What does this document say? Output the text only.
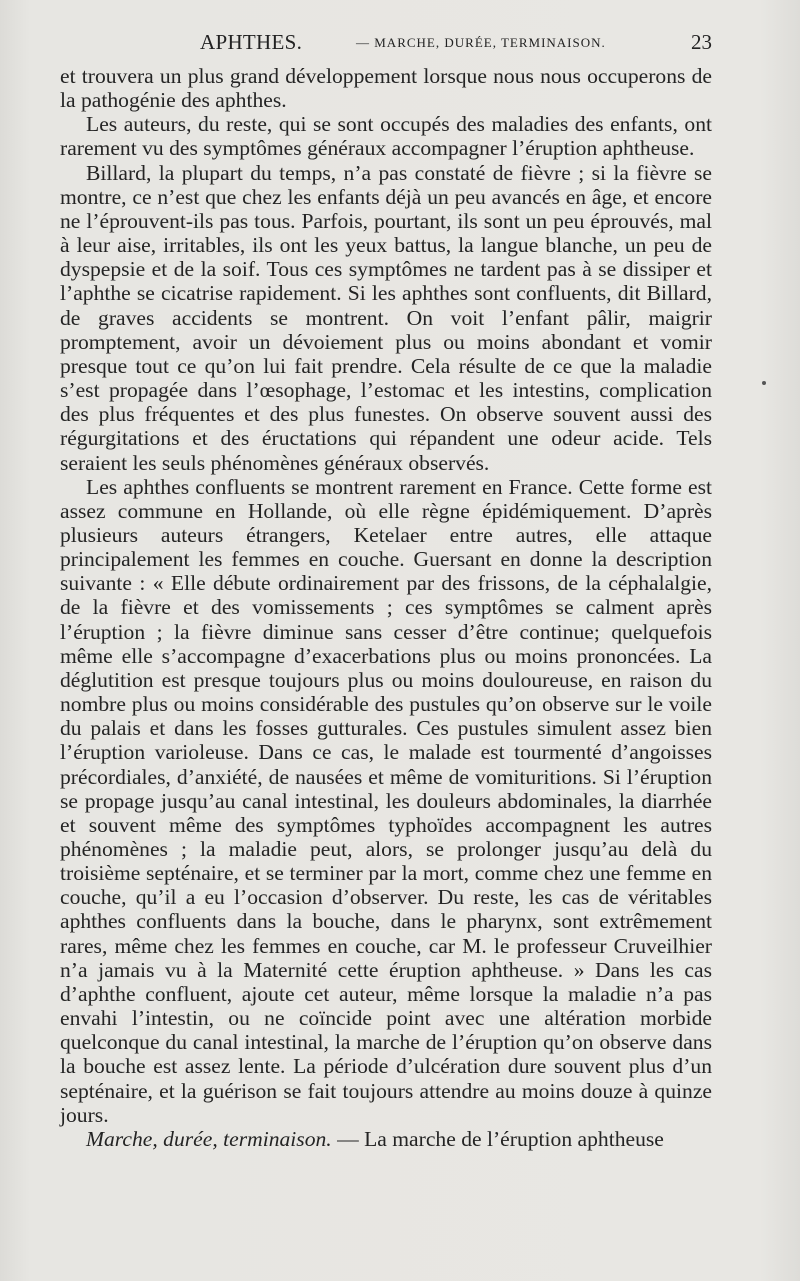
APHTHES.	— MARCHE, DURÉE, TERMINAISON.	23

et trouvera un plus grand développement lorsque nous nous occuperons de la pathogénie des aphthes.

Les auteurs, du reste, qui se sont occupés des maladies des enfants, ont rarement vu des symptômes généraux accompagner l’éruption aphtheuse.

Billard, la plupart du temps, n’a pas constaté de fièvre ; si la fièvre se montre, ce n’est que chez les enfants déjà un peu avancés en âge, et encore ne l’éprouvent-ils pas tous. Parfois, pourtant, ils sont un peu éprouvés, mal à leur aise, irritables, ils ont les yeux battus, la langue blanche, un peu de dyspepsie et de la soif. Tous ces symptômes ne tardent pas à se dissiper et l’aphthe se cicatrise rapidement. Si les aphthes sont confluents, dit Billard, de graves accidents se montrent. On voit l’enfant pâlir, maigrir promptement, avoir un dévoiement plus ou moins abondant et vomir presque tout ce qu’on lui fait prendre. Cela résulte de ce que la maladie s’est propagée dans l’œsophage, l’estomac et les intestins, complication des plus fréquentes et des plus funestes. On observe souvent aussi des régurgitations et des éructations qui répandent une odeur acide. Tels seraient les seuls phénomènes généraux observés.

Les aphthes confluents se montrent rarement en France. Cette forme est assez commune en Hollande, où elle règne épidémiquement. D’après plusieurs auteurs étrangers, Ketelaer entre autres, elle attaque principalement les femmes en couche. Guersant en donne la description suivante : « Elle débute ordinairement par des frissons, de la céphalalgie, de la fièvre et des vomissements ; ces symptômes se calment après l’éruption ; la fièvre diminue sans cesser d’être continue; quelquefois même elle s’accompagne d’exacerbations plus ou moins prononcées. La déglutition est presque toujours plus ou moins douloureuse, en raison du nombre plus ou moins considérable des pustules qu’on observe sur le voile du palais et dans les fosses gutturales. Ces pustules simulent assez bien l’éruption varioleuse. Dans ce cas, le malade est tourmenté d’angoisses précordiales, d’anxiété, de nausées et même de vomituritions. Si l’éruption se propage jusqu’au canal intestinal, les douleurs abdominales, la diarrhée et souvent même des symptômes typhoïdes accompagnent les autres phénomènes ; la maladie peut, alors, se prolonger jusqu’au delà du troisième septénaire, et se terminer par la mort, comme chez une femme en couche, qu’il a eu l’occasion d’observer. Du reste, les cas de véritables aphthes confluents dans la bouche, dans le pharynx, sont extrêmement rares, même chez les femmes en couche, car M. le professeur Cruveilhier n’a jamais vu à la Maternité cette éruption aphtheuse. » Dans les cas d’aphthe confluent, ajoute cet auteur, même lorsque la maladie n’a pas envahi l’intestin, ou ne coïncide point avec une altération morbide quelconque du canal intestinal, la marche de l’éruption qu’on observe dans la bouche est assez lente. La période d’ulcération dure souvent plus d’un septénaire, et la guérison se fait toujours attendre au moins douze à quinze jours.

Marche, durée, terminaison. — La marche de l’éruption aphtheuse
